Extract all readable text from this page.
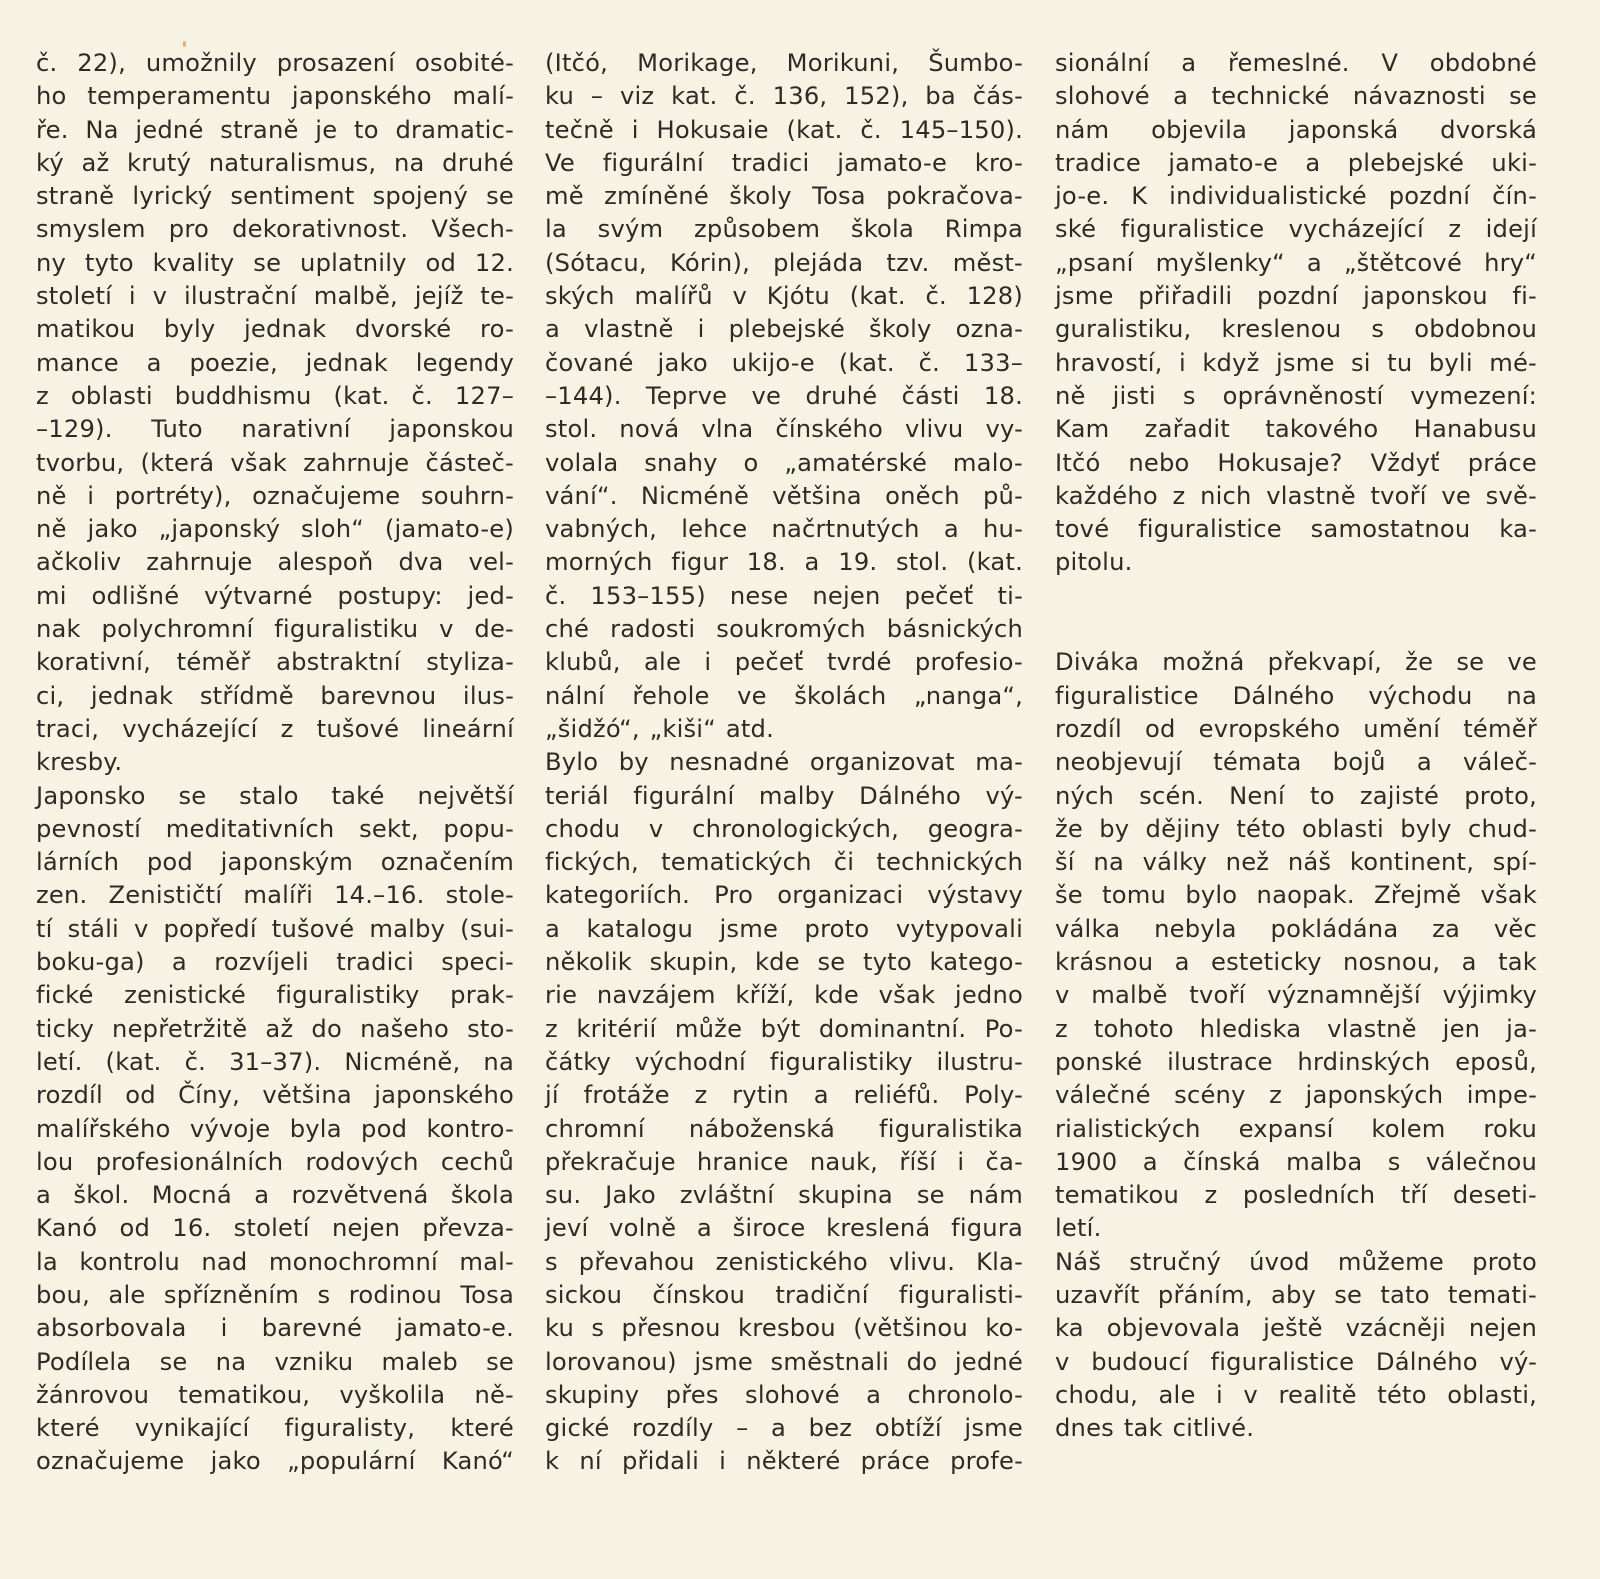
č. 22), umožnily prosazení osobité-
ho temperamentu japonského malí-
ře. Na jedné straně je to dramatic-
ký až krutý naturalismus, na druhé
straně lyrický sentiment spojený se
smyslem pro dekorativnost. Všech-
ny tyto kvality se uplatnily od 12.
století i v ilustrační malbě, jejíž te-
matikou byly jednak dvorské ro-
mance a poezie, jednak legendy
z oblasti buddhismu (kat. č. 127–
–129). Tuto narativní japonskou
tvorbu, (která však zahrnuje částeč-
ně i portréty), označujeme souhrn-
ně jako „japonský sloh“ (jamato-e)
ačkoliv zahrnuje alespoň dva vel-
mi odlišné výtvarné postupy: jed-
nak polychromní figuralistiku v de-
korativní, téměř abstraktní styliza-
ci, jednak střídmě barevnou ilus-
traci, vycházející z tušové lineární
kresby.
Japonsko se stalo také největší
pevností meditativních sekt, popu-
lárních pod japonským označením
zen. Zenističtí malíři 14.–16. stole-
tí stáli v popředí tušové malby (sui-
boku-ga) a rozvíjeli tradici speci-
fické zenistické figuralistiky prak-
ticky nepřetržitě až do našeho sto-
letí. (kat. č. 31–37). Nicméně, na
rozdíl od Číny, většina japonského
malířského vývoje byla pod kontro-
lou profesionálních rodových cechů
a škol. Mocná a rozvětvená škola
Kanó od 16. století nejen převza-
la kontrolu nad monochromní mal-
bou, ale spřízněním s rodinou Tosa
absorbovala i barevné jamato-e.
Podílela se na vzniku maleb se
žánrovou tematikou, vyškolila ně-
které vynikající figuralisty, které
označujeme jako „populární Kanó“
(Itčó, Morikage, Morikuni, Šumbo-
ku – viz kat. č. 136, 152), ba čás-
tečně i Hokusaie (kat. č. 145–150).
Ve figurální tradici jamato-e kro-
mě zmíněné školy Tosa pokračova-
la svým způsobem škola Rimpa
(Sótacu, Kórin), plejáda tzv. měst-
ských malířů v Kjótu (kat. č. 128)
a vlastně i plebejské školy ozna-
čované jako ukijo-e (kat. č. 133–
–144). Teprve ve druhé části 18.
stol. nová vlna čínského vlivu vy-
volala snahy o „amatérské malo-
vání“. Nicméně většina oněch pů-
vabných, lehce načrtnutých a hu-
morných figur 18. a 19. stol. (kat.
č. 153–155) nese nejen pečeť ti-
ché radosti soukromých básnických
klubů, ale i pečeť tvrdé profesio-
nální řehole ve školách „nanga“,
„šidžó“, „kiši“ atd.
Bylo by nesnadné organizovat ma-
teriál figurální malby Dálného vý-
chodu v chronologických, geogra-
fických, tematických či technických
kategoriích. Pro organizaci výstavy
a katalogu jsme proto vytypovali
několik skupin, kde se tyto katego-
rie navzájem kříží, kde však jedno
z kritérií může být dominantní. Po-
čátky východní figuralistiky ilustru-
jí frotáže z rytin a reliéfů. Poly-
chromní náboženská figuralistika
překračuje hranice nauk, říší i ča-
su. Jako zvláštní skupina se nám
jeví volně a široce kreslená figura
s převahou zenistického vlivu. Kla-
sickou čínskou tradiční figuralisti-
ku s přesnou kresbou (většinou ko-
lorovanou) jsme směstnali do jedné
skupiny přes slohové a chronolo-
gické rozdíly – a bez obtíží jsme
k ní přidali i některé práce profe-
sionální a řemeslné. V obdobné
slohové a technické návaznosti se
nám objevila japonská dvorská
tradice jamato-e a plebejské uki-
jo-e. K individualistické pozdní čín-
ské figuralistice vycházející z idejí
„psaní myšlenky“ a „štětcové hry“
jsme přiřadili pozdní japonskou fi-
guralistiku, kreslenou s obdobnou
hravostí, i když jsme si tu byli mé-
ně jisti s oprávněností vymezení:
Kam zařadit takového Hanabusu
Itčó nebo Hokusaje? Vždyť práce
každého z nich vlastně tvoří ve svě-
tové figuralistice samostatnou ka-
pitolu.
Diváka možná překvapí, že se ve
figuralistice Dálného východu na
rozdíl od evropského umění téměř
neobjevují témata bojů a váleč-
ných scén. Není to zajisté proto,
že by dějiny této oblasti byly chud-
ší na války než náš kontinent, spí-
še tomu bylo naopak. Zřejmě však
válka nebyla pokládána za věc
krásnou a esteticky nosnou, a tak
v malbě tvoří významnější výjimky
z tohoto hlediska vlastně jen ja-
ponské ilustrace hrdinských eposů,
válečné scény z japonských impe-
rialistických expansí kolem roku
1900 a čínská malba s válečnou
tematikou z posledních tří deseti-
letí.
Náš stručný úvod můžeme proto
uzavřít přáním, aby se tato temati-
ka objevovala ještě vzácněji nejen
v budoucí figuralistice Dálného vý-
chodu, ale i v realitě této oblasti,
dnes tak citlivé.
